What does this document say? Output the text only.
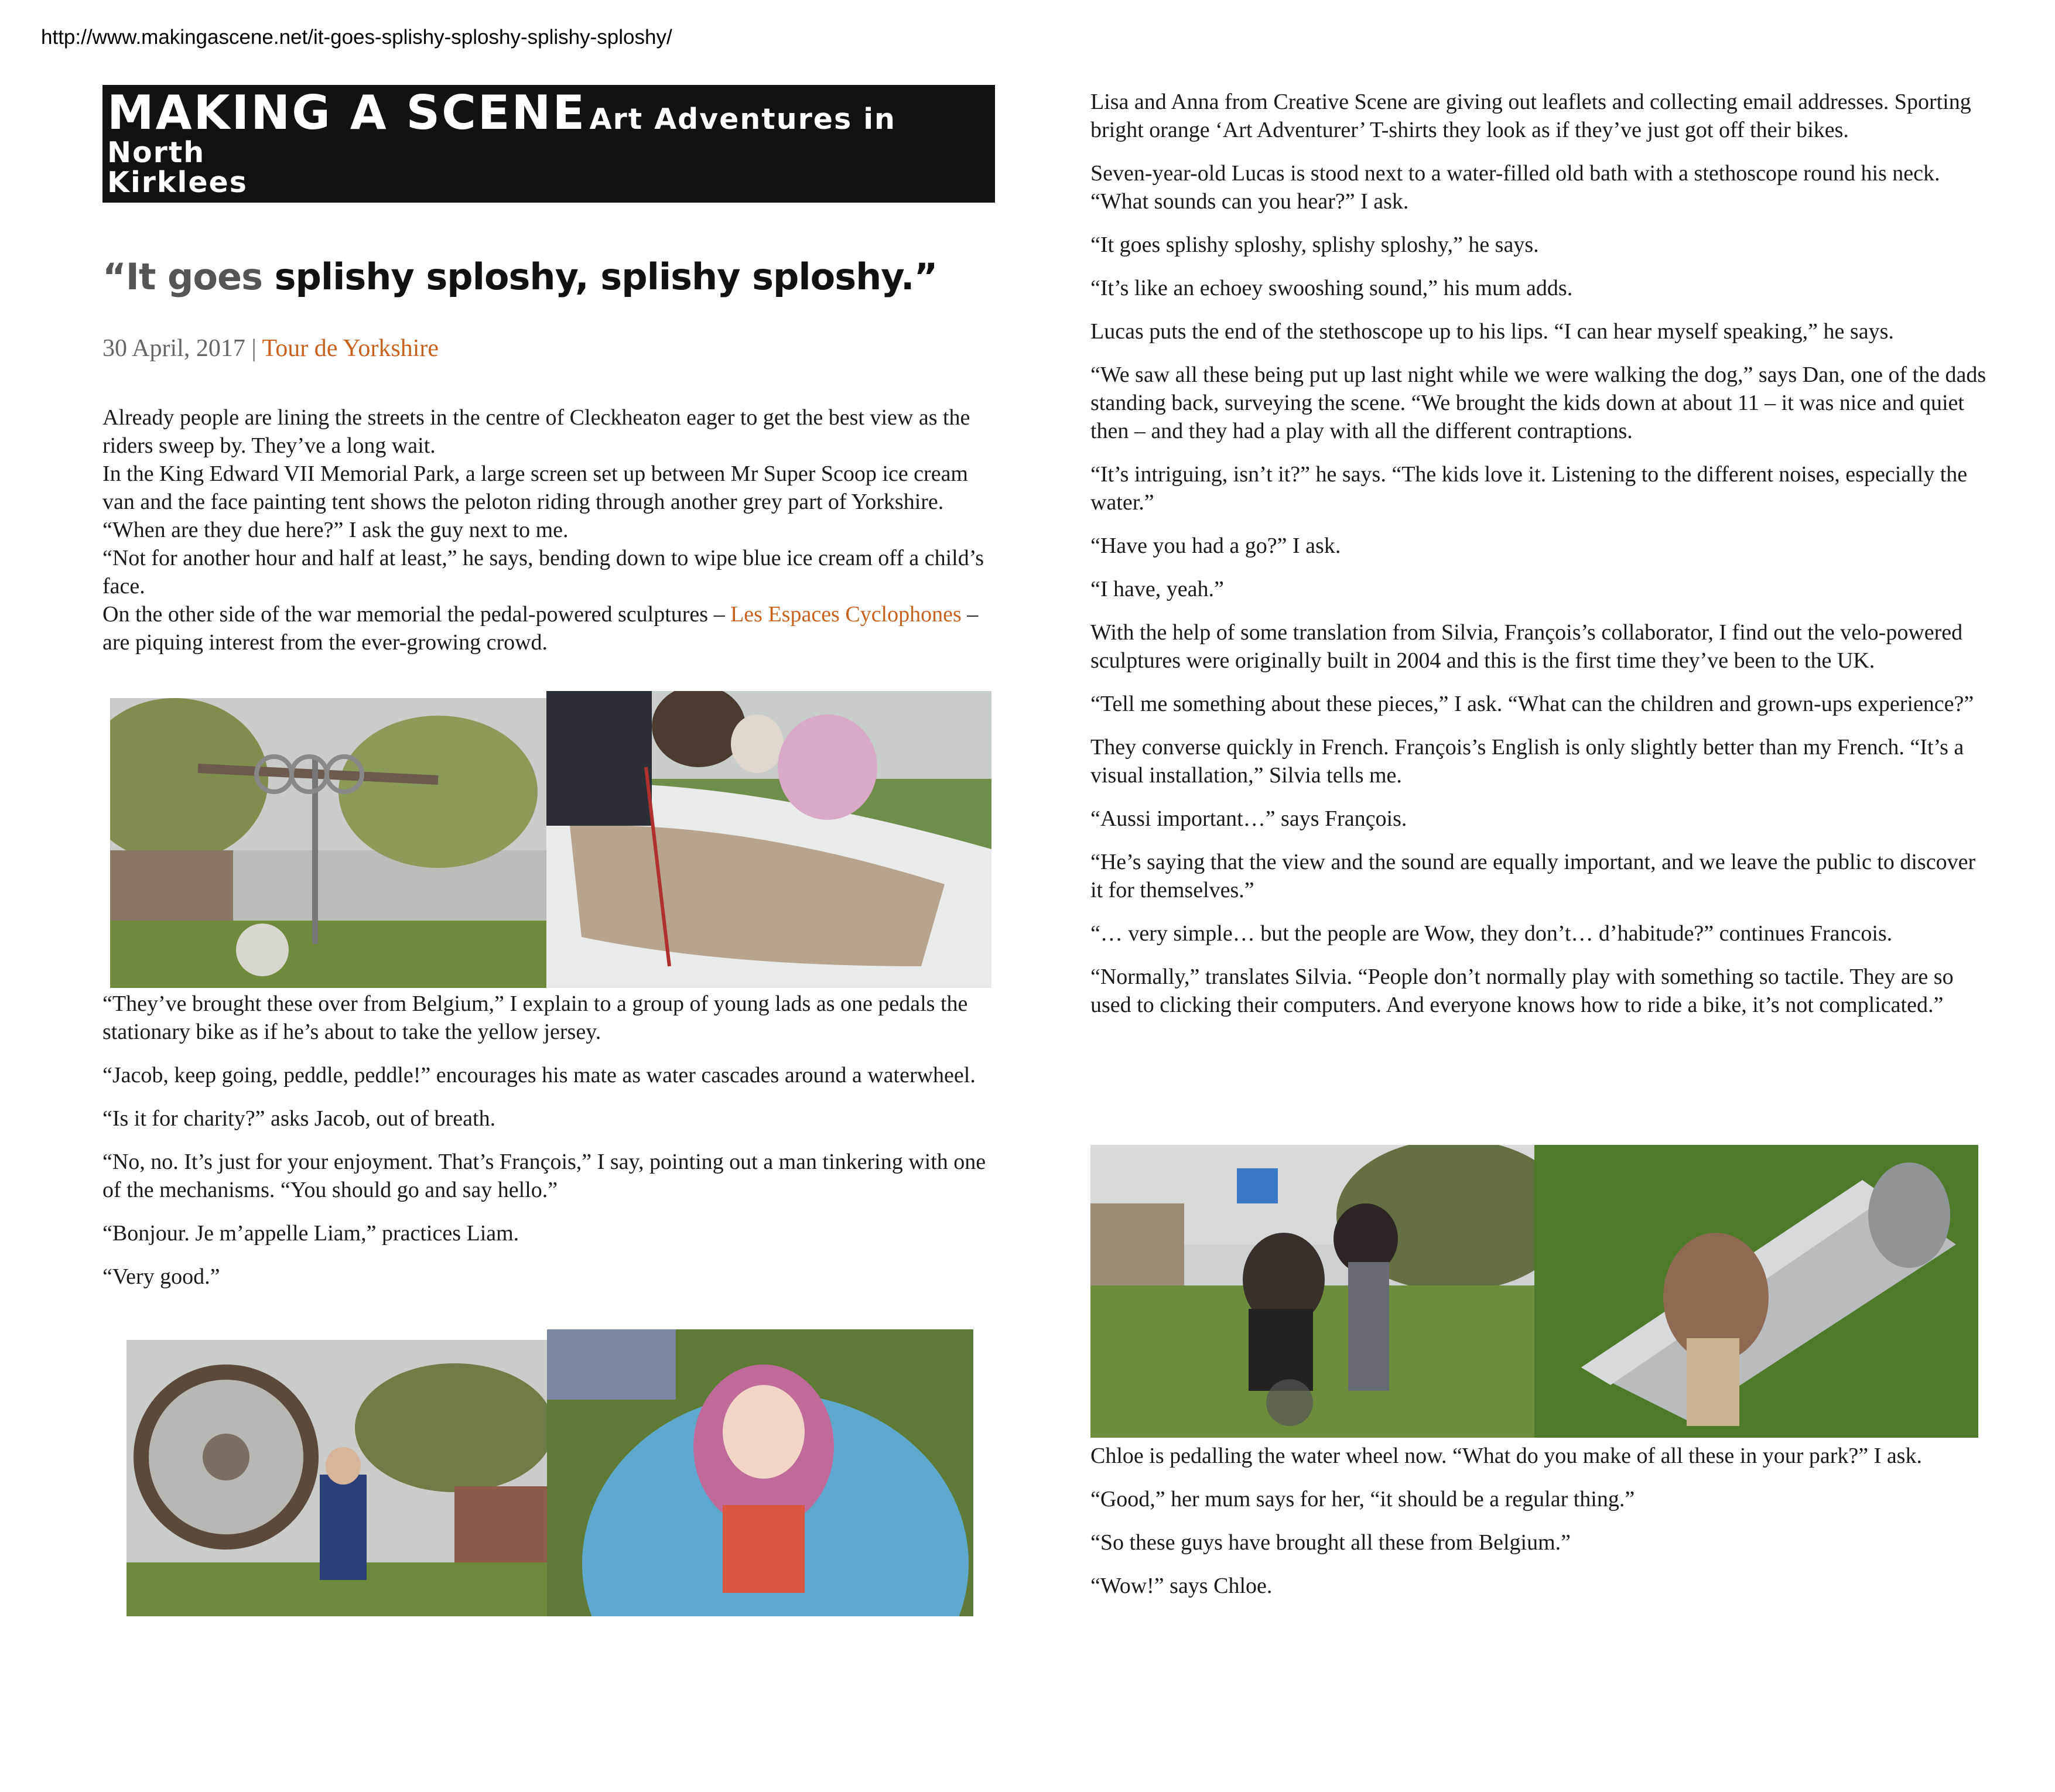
http://www.makingascene.net/it-goes-splishy-sploshy-splishy-sploshy/
MAKING A SCENE Art Adventures in North
Kirklees
“It goes splishy sploshy, splishy sploshy.”
30 April, 2017 | Tour de Yorkshire

Already people are lining the streets in the centre of Cleckheaton eager to get the best view as the riders sweep by. They’ve a long wait.

In the King Edward VII Memorial Park, a large screen set up between Mr Super Scoop ice cream van and the face painting tent shows the peloton riding through another grey part of Yorkshire.

“When are they due here?” I ask the guy next to me.

“Not for another hour and half at least,” he says, bending down to wipe blue ice cream off a child’s face.

On the other side of the war memorial the pedal-powered sculptures – Les Espaces Cyclophones – are piquing interest from the ever-growing crowd.

“They’ve brought these over from Belgium,” I explain to a group of young lads as one pedals the stationary bike as if he’s about to take the yellow jersey.

“Jacob, keep going, peddle, peddle!” encourages his mate as water cascades around a waterwheel.

“Is it for charity?” asks Jacob, out of breath.

“No, no. It’s just for your enjoyment. That’s François,” I say, pointing out a man tinkering with one of the mechanisms. “You should go and say hello.”

“Bonjour. Je m’appelle Liam,” practices Liam.

“Very good.”

Lisa and Anna from Creative Scene are giving out leaflets and collecting email addresses. Sporting bright orange ‘Art Adventurer’ T-shirts they look as if they’ve just got off their bikes.

Seven-year-old Lucas is stood next to a water-filled old bath with a stethoscope round his neck. “What sounds can you hear?” I ask.

“It goes splishy sploshy, splishy sploshy,” he says.

“It’s like an echoey swooshing sound,” his mum adds.

Lucas puts the end of the stethoscope up to his lips. “I can hear myself speaking,” he says.

“We saw all these being put up last night while we were walking the dog,” says Dan, one of the dads standing back, surveying the scene. “We brought the kids down at about 11 – it was nice and quiet then – and they had a play with all the different contraptions.

“It’s intriguing, isn’t it?” he says. “The kids love it. Listening to the different noises, especially the water.”

“Have you had a go?” I ask.

“I have, yeah.”

With the help of some translation from Silvia, François’s collaborator, I find out the velo-powered sculptures were originally built in 2004 and this is the first time they’ve been to the UK.

“Tell me something about these pieces,” I ask. “What can the children and grown-ups experience?”

They converse quickly in French. François’s English is only slightly better than my French. “It’s a visual installation,” Silvia tells me.

“Aussi important…” says François.

“He’s saying that the view and the sound are equally important, and we leave the public to discover it for themselves.”

“… very simple… but the people are Wow, they don’t… d’habitude?” continues Francois.

“Normally,” translates Silvia. “People don’t normally play with something so tactile. They are so used to clicking their computers. And everyone knows how to ride a bike, it’s not complicated.”

Chloe is pedalling the water wheel now. “What do you make of all these in your park?” I ask.

“Good,” her mum says for her, “it should be a regular thing.”

“So these guys have brought all these from Belgium.”

“Wow!” says Chloe.
